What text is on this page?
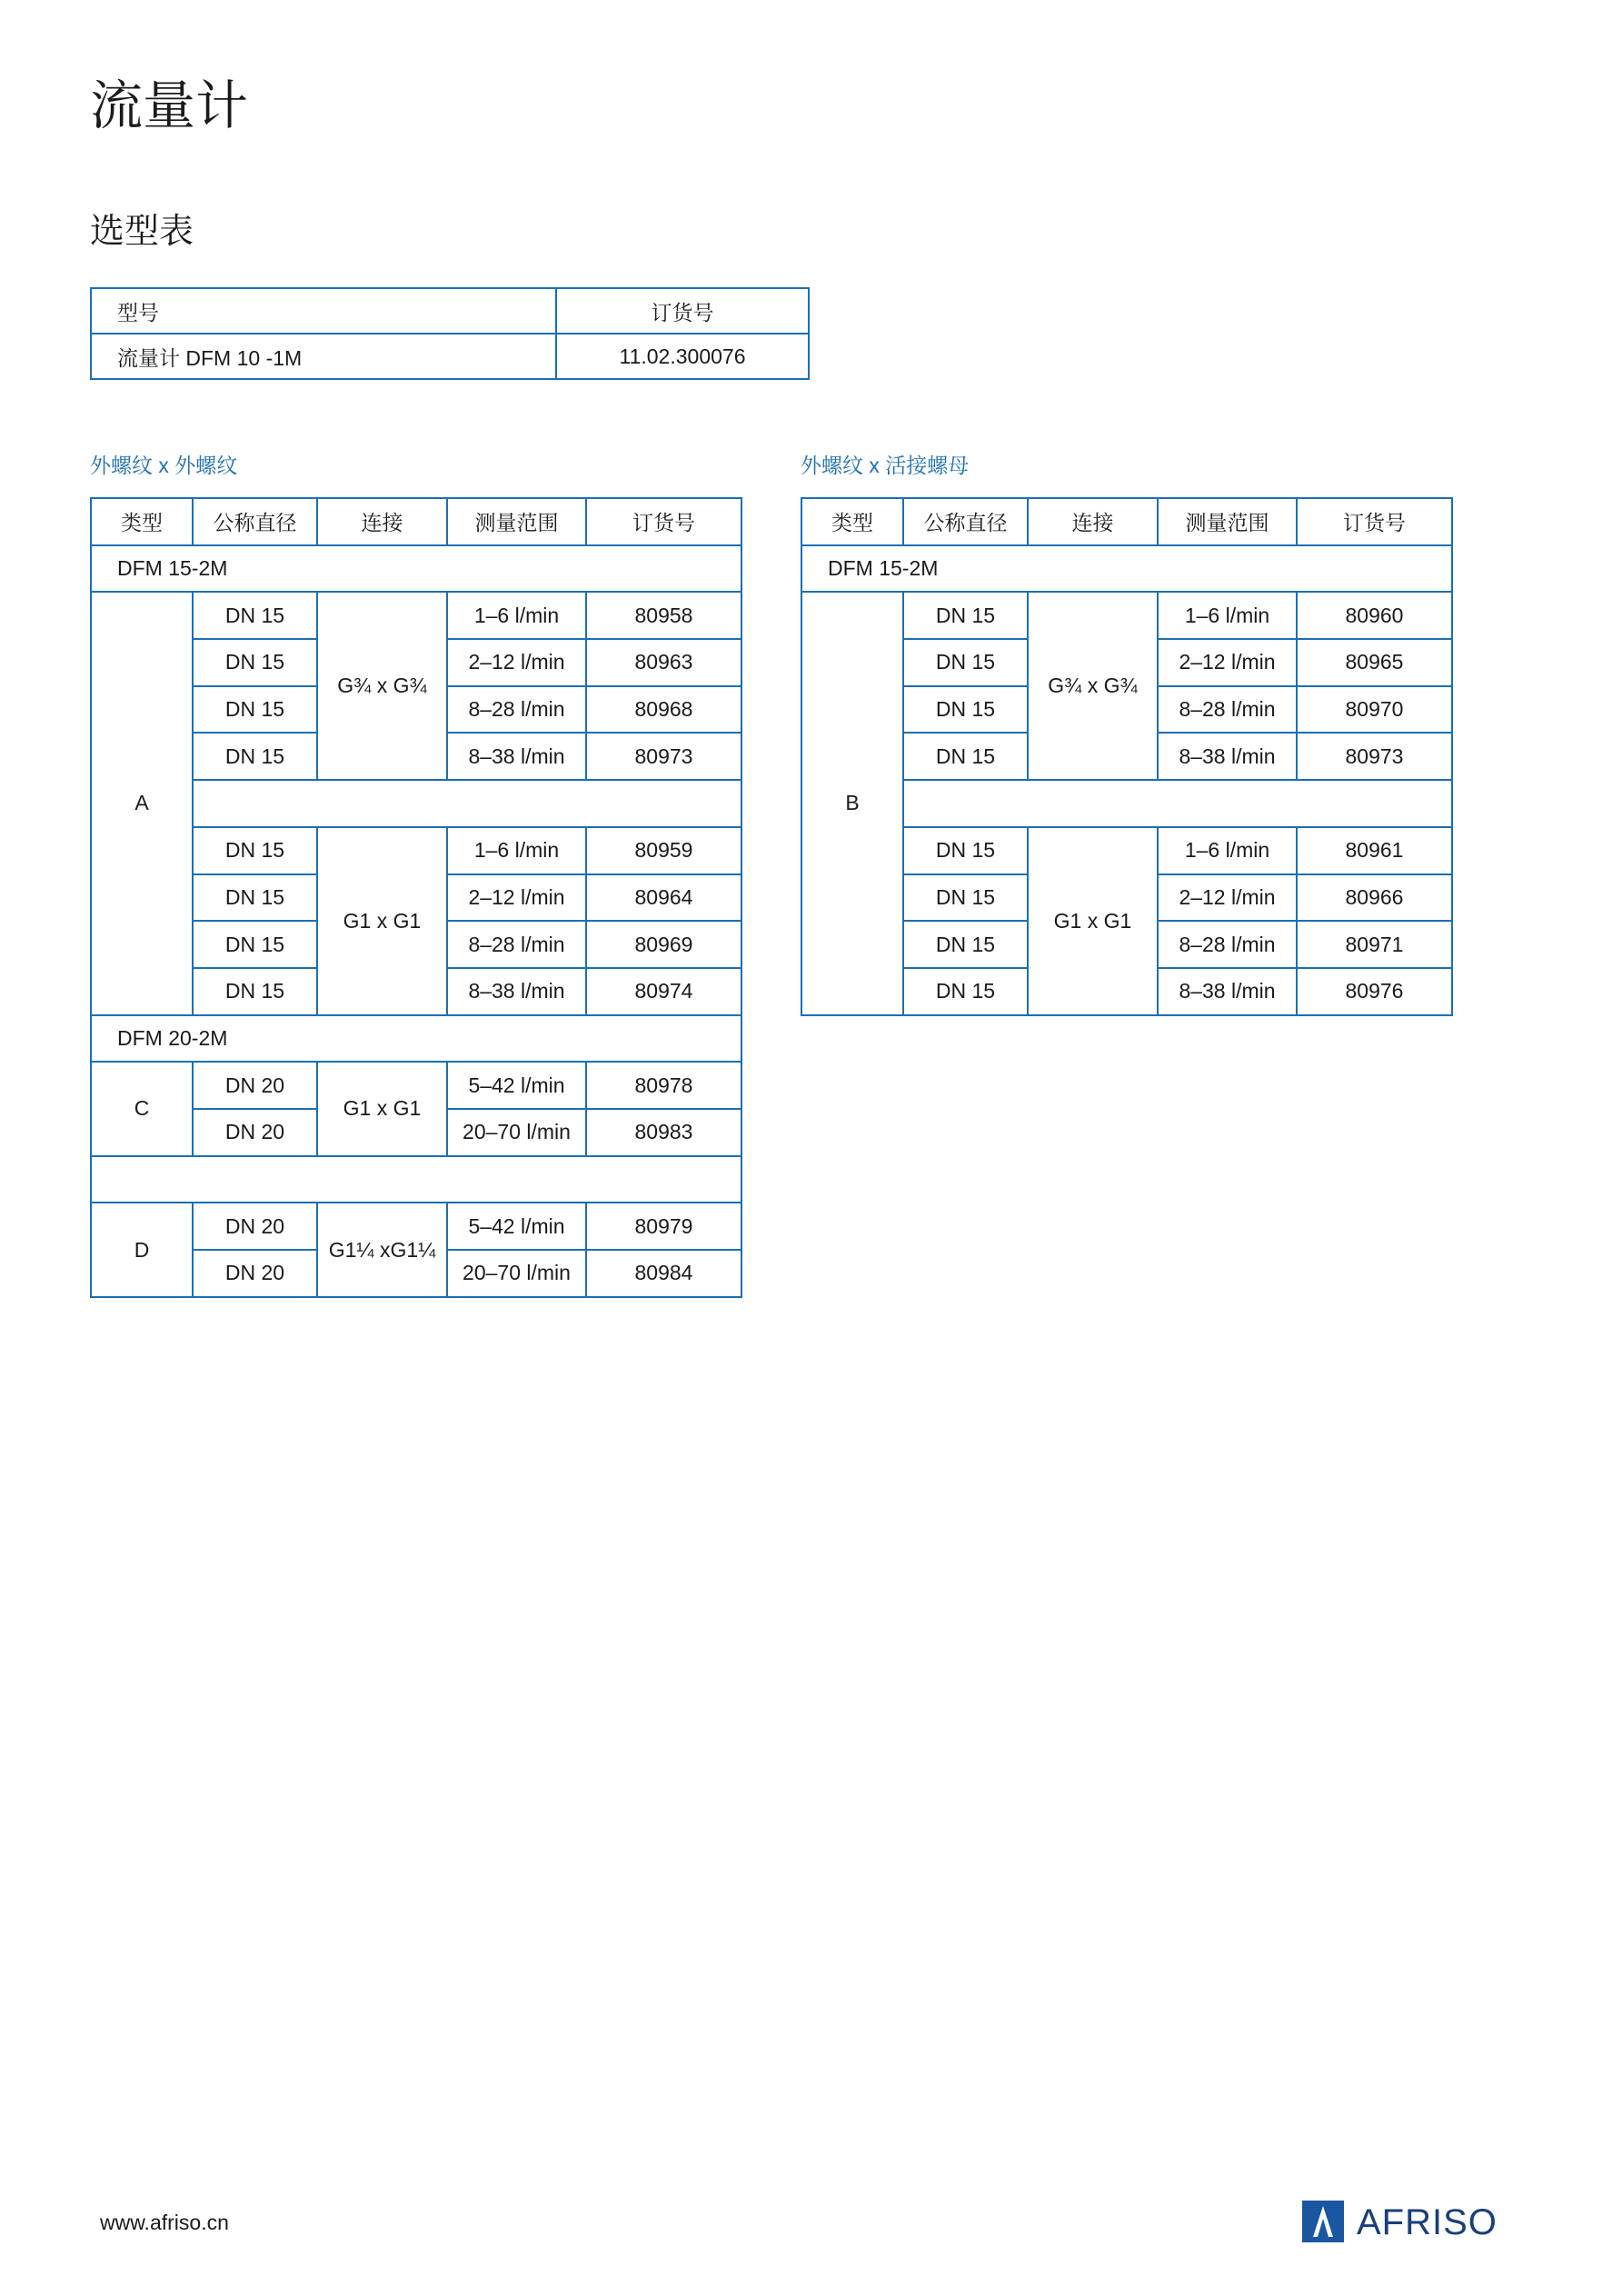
流量计
选型表
型号	订货号
流量计 DFM 10 -1M	11.02.300076
外螺纹 x 外螺纹
类型	公称直径	连接	测量范围	订货号
DFM 15-2M				
A	DN 15	G¾ x G¾	1–6 l/min	80958
	DN 15		2–12 l/min	80963
	DN 15		8–28 l/min	80968
	DN 15		8–38 l/min	80973

	DN 15	G1 x G1	1–6 l/min	80959
	DN 15		2–12 l/min	80964
	DN 15		8–28 l/min	80969
	DN 15		8–38 l/min	80974
DFM 20-2M				
C	DN 20	G1 x G1	5–42 l/min	80978
	DN 20		20–70 l/min	80983

D	DN 20	G1¼ xG1¼	5–42 l/min	80979
	DN 20		20–70 l/min	80984
外螺纹 x 活接螺母
类型	公称直径	连接	测量范围	订货号
DFM 15-2M				
B	DN 15	G¾ x G¾	1–6 l/min	80960
	DN 15		2–12 l/min	80965
	DN 15		8–28 l/min	80970
	DN 15		8–38 l/min	80973

	DN 15	G1 x G1	1–6 l/min	80961
	DN 15		2–12 l/min	80966
	DN 15		8–28 l/min	80971
	DN 15		8–38 l/min	80976
www.afriso.cn	AFRISO
